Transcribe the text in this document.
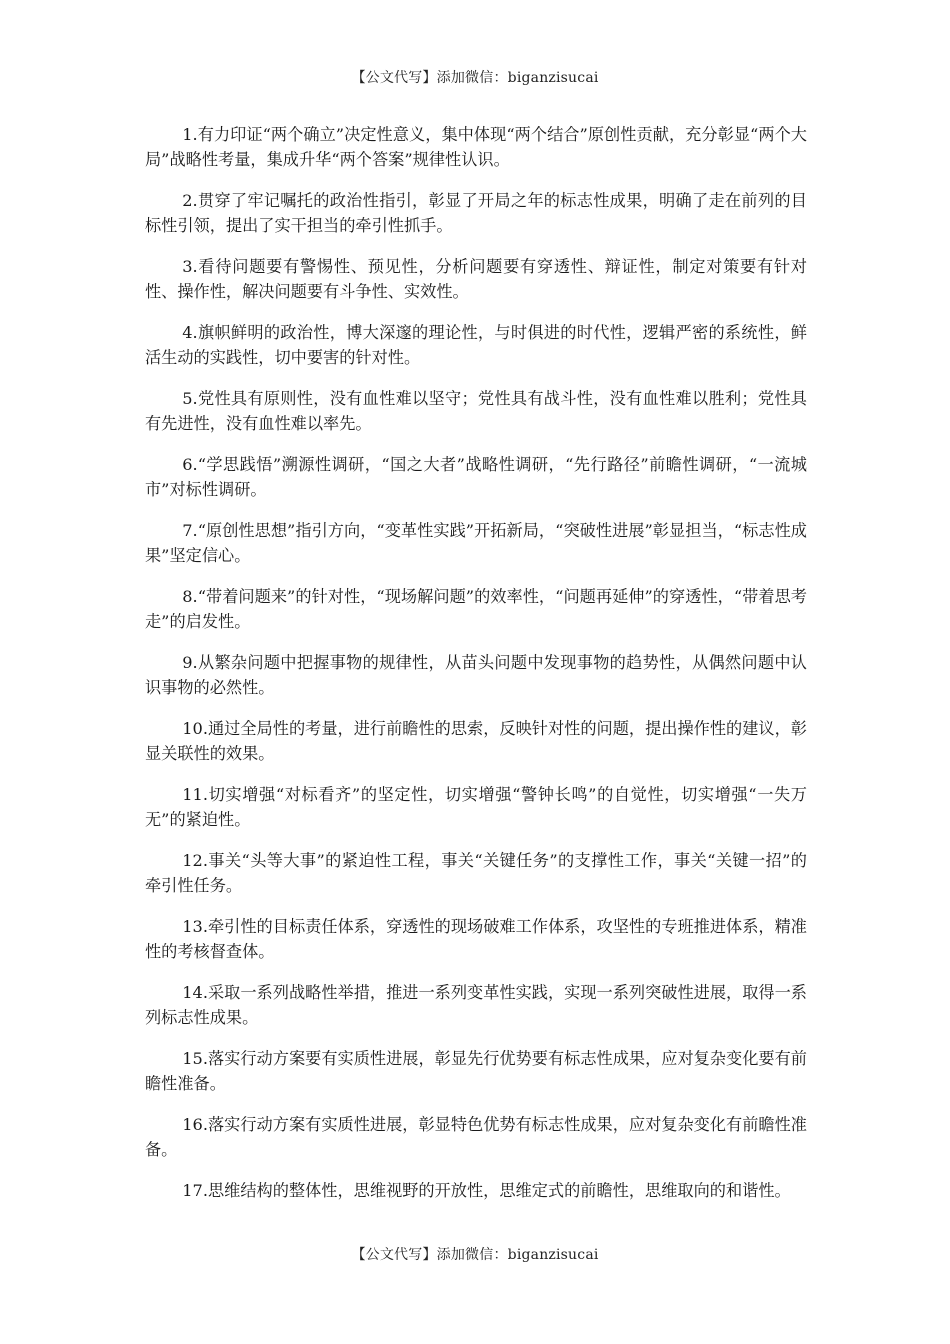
【公文代写】添加微信：biganzisucai

1.有力印证“两个确立”决定性意义，集中体现“两个结合”原创性贡献，充分彰显“两个大局”战略性考量，集成升华“两个答案”规律性认识。

2.贯穿了牢记嘱托的政治性指引，彰显了开局之年的标志性成果，明确了走在前列的目标性引领，提出了实干担当的牵引性抓手。

3.看待问题要有警惕性、预见性，分析问题要有穿透性、辩证性，制定对策要有针对性、操作性，解决问题要有斗争性、实效性。

4.旗帜鲜明的政治性，博大深邃的理论性，与时俱进的时代性，逻辑严密的系统性，鲜活生动的实践性，切中要害的针对性。

5.党性具有原则性，没有血性难以坚守；党性具有战斗性，没有血性难以胜利；党性具有先进性，没有血性难以率先。

6.“学思践悟”溯源性调研，“国之大者”战略性调研，“先行路径”前瞻性调研，“一流城市”对标性调研。

7.“原创性思想”指引方向，“变革性实践”开拓新局，“突破性进展”彰显担当，“标志性成果”坚定信心。

8.“带着问题来”的针对性，“现场解问题”的效率性，“问题再延伸”的穿透性，“带着思考走”的启发性。

9.从繁杂问题中把握事物的规律性，从苗头问题中发现事物的趋势性，从偶然问题中认识事物的必然性。

10.通过全局性的考量，进行前瞻性的思索，反映针对性的问题，提出操作性的建议，彰显关联性的效果。

11.切实增强“对标看齐”的坚定性，切实增强“警钟长鸣”的自觉性，切实增强“一失万无”的紧迫性。

12.事关“头等大事”的紧迫性工程，事关“关键任务”的支撑性工作，事关“关键一招”的牵引性任务。

13.牵引性的目标责任体系，穿透性的现场破难工作体系，攻坚性的专班推进体系，精准性的考核督查体。

14.采取一系列战略性举措，推进一系列变革性实践，实现一系列突破性进展，取得一系列标志性成果。

15.落实行动方案要有实质性进展，彰显先行优势要有标志性成果，应对复杂变化要有前瞻性准备。

16.落实行动方案有实质性进展，彰显特色优势有标志性成果，应对复杂变化有前瞻性准备。

17.思维结构的整体性，思维视野的开放性，思维定式的前瞻性，思维取向的和谐性。

【公文代写】添加微信：biganzisucai
